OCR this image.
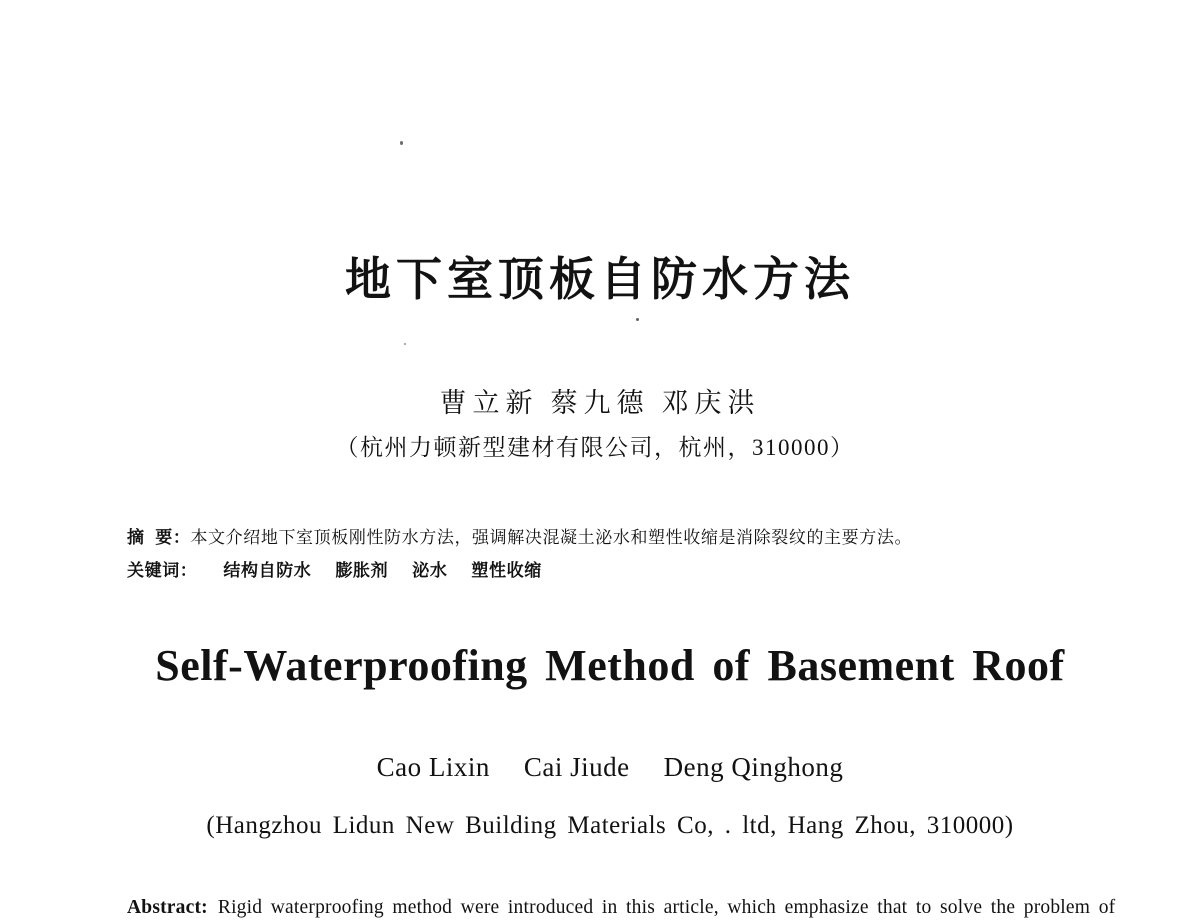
地下室顶板自防水方法
曹立新 蔡九德 邓庆洪
（杭州力顿新型建材有限公司，杭州，310000）
摘  要：本文介绍地下室顶板刚性防水方法，强调解决混凝土泌水和塑性收缩是消除裂纹的主要方法。
关键词： 结构自防水 膨胀剂 泌水 塑性收缩
Self-Waterproofing Method of Basement Roof
Cao Lixin Cai Jiude Deng Qinghong
(Hangzhou Lidun New Building Materials Co, . ltd, Hang Zhou, 310000)
Abstract: Rigid waterproofing method were introduced in this article, which emphasize that to solve the problem of
